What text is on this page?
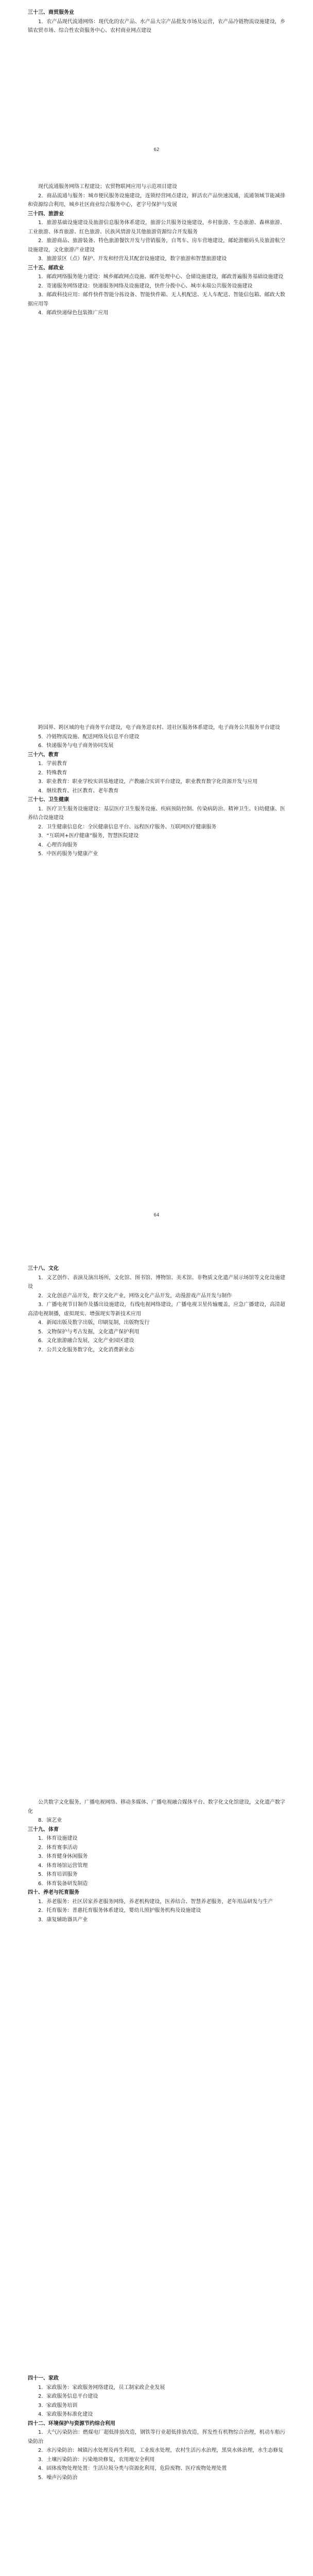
三十三、商贸服务业

1．农产品现代流通网络：现代化的农产品、水产品大宗产品批发市场及运营，农产品冷链物流设施建设，乡镇农贸市场、综合性农资服务中心、农村商业网点建设

62

现代流通服务网络工程建设；农贸物联网应用与示范项目建设

2．商品流通与服务：城市便民服务设施建设，连锁经营网点建设，鲜活农产品快速流通，流通领域节能减排和资源综合利用，城乡社区商业综合服务中心，老字号保护与发展

三十四、旅游业

1．旅游基础设施建设及旅游信息服务体系建设，旅游公共服务设施建设，乡村旅游、生态旅游、森林旅游、工业旅游、体育旅游、红色旅游、民族风情游及其他旅游资源综合开发服务

2．旅游商品、旅游装备、特色旅游餐饮开发与营销服务，自驾车、房车营地建设，邮轮游艇码头及旅游航空设施建设，文化旅游产业建设

3．旅游景区（点）保护、开发和经营及其配套设施建设，数字旅游和智慧旅游建设

三十五、邮政业

1．邮政网络服务能力建设：城乡邮政网点设施、邮件处理中心、仓储设施建设，邮政普遍服务基础设施建设

2．寄递服务网络建设：快递服务网络及设施建设，快件分拨中心、城市末端公共服务设施建设

3．邮政科技应用：邮件快件智能分拣设备、智能快件箱、无人机配送、无人车配送、智能信包箱、邮政大数据应用等

4．邮政快递绿色包装推广应用

跨国界、跨区域的电子商务平台建设，电子商务进农村、进社区服务体系建设，电子商务公共服务平台建设

5．冷链物流设施、配送网络及信息平台建设

6．快递服务与电子商务协同发展

三十六、教育

1．学前教育

2．特殊教育

3．职业教育：职业学校实训基地建设，产教融合实训平台建设，职业教育数字化资源开发与应用

4．继续教育、社区教育、老年教育

三十七、卫生健康

1．医疗卫生服务设施建设：基层医疗卫生服务设施、疾病预防控制、传染病防治、精神卫生、妇幼健康、医养结合设施建设

2．卫生健康信息化：全民健康信息平台、远程医疗服务、互联网医疗健康服务

3．“互联网+医疗健康”服务，智慧医院建设

4．心理咨询服务

5．中医药服务与健康产业

64

三十八、文化

1．文艺创作、表演及演出场所，文化馆、图书馆、博物馆、美术馆、非物质文化遗产展示场馆等文化设施建设

2．文化创意产品开发，数字文化产业，网络文化产品开发，动漫游戏产品开发与制作

3．广播电视节目制作及播出设施建设，有线电视网络建设，广播电视卫星传输覆盖，应急广播建设，高清超高清电视制播，虚拟现实、增强现实等新技术应用

4．新闻出版及数字出版，印刷复制，出版物发行

5．文物保护与考古发掘，文化遗产保护利用

6．文化旅游融合发展，文化产业园区建设

7．公共文化服务数字化，文化消费新业态

公共数字文化服务，广播电视网络、移动多媒体、广播电视融合媒体平台、数字化文化馆建设，文化遗产数字化

8．演艺业

三十九、体育

1．体育设施建设

2．体育赛事活动

3．体育健身休闲服务

4．体育场馆运营管理

5．体育培训服务

6．体育装备研发制造

四十、养老与托育服务

1．养老服务：社区居家养老服务网络，养老机构建设，医养结合、智慧养老服务，老年用品研发与生产

2．托育服务：普惠托育服务体系建设，婴幼儿照护服务机构及设施建设

3．康复辅助器具产业

四十一、家政

1．家政服务：家政服务网络建设，员工制家政企业发展

2．家政服务信息平台建设

3．家政服务培训

4．家政服务标准化建设

四十二、环境保护与资源节约综合利用

1．大气污染防治：燃煤电厂超低排放改造，钢铁等行业超低排放改造，挥发性有机物综合治理，机动车船污染防治

2．水污染防治：城镇污水处理及再生利用，工业废水处理，农村生活污水治理，黑臭水体治理，水生态修复

3．土壤污染防治：污染地块修复，农用地安全利用

4．固体废物处理处置：生活垃圾分类与资源化利用，危险废物、医疗废物处理处置

5．噪声污染防治
